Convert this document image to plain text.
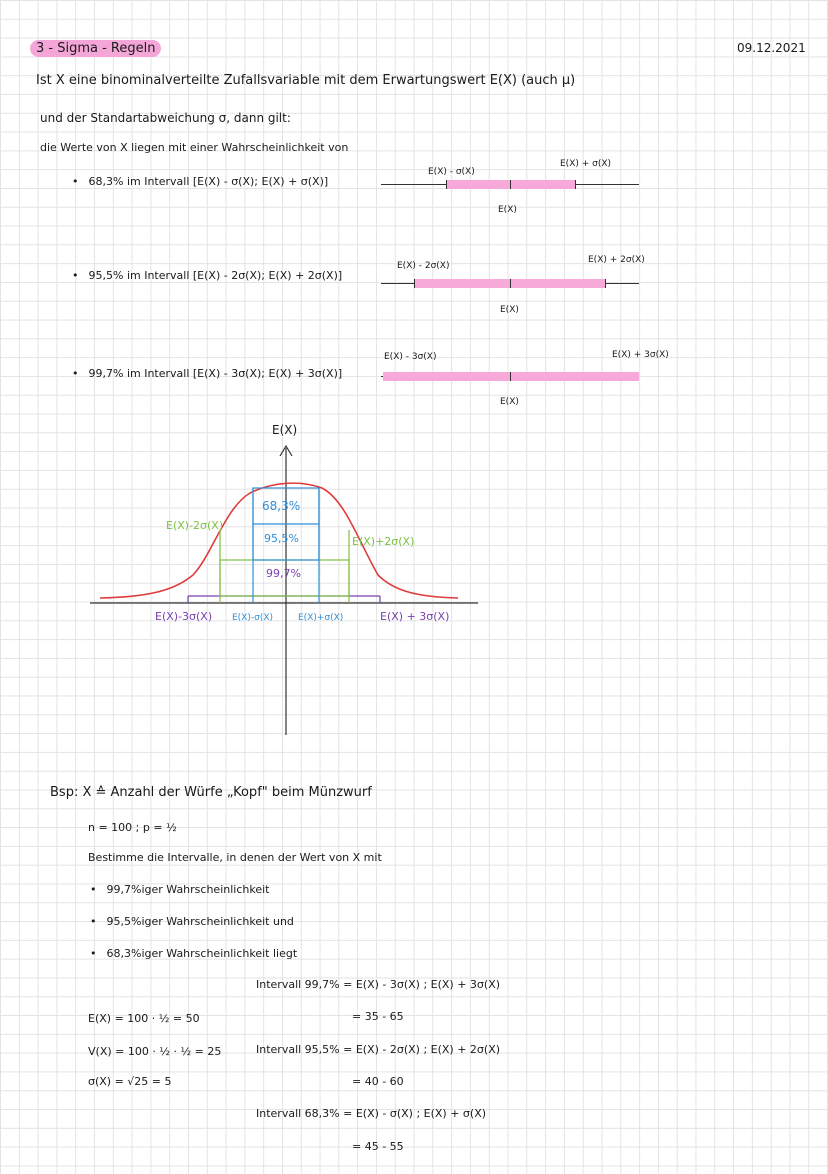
3 - Sigma - Regeln	09.12.2021
Ist X eine binominalverteilte Zufallsvariable mit dem Erwartungswert E(X) (auch μ)
und der Standartabweichung σ, dann gilt:
die Werte von X liegen mit einer Wahrscheinlichkeit von
• 68,3% im Intervall [E(X) - σ(X); E(X) + σ(X)]
E(X) - σ(X)
E(X) + σ(X)
E(X)
• 95,5% im Intervall [E(X) - 2σ(X); E(X) + 2σ(X)]
E(X) - 2σ(X)
E(X) + 2σ(X)
E(X)
• 99,7% im Intervall [E(X) - 3σ(X); E(X) + 3σ(X)]
E(X) - 3σ(X)	E(X) + 3σ(X)
E(X)
E(X)
68,3%
95,5%
99,7%
E(X)-2σ(X)
E(X)+2σ(X)
E(X)-3σ(X) E(X)-σ(X)	E(X)+σ(X)	E(X) + 3σ(X)
Bsp: X ≙ Anzahl der Würfe „Kopf" beim Münzwurf
n = 100 ; p = ½
Bestimme die Intervalle, in denen der Wert von X mit
• 99,7%iger Wahrscheinlichkeit
• 95,5%iger Wahrscheinlichkeit und
• 68,3%iger Wahrscheinlichkeit liegt
E(X) = 100 · ½ = 50
V(X) = 100 · ½ · ½ = 25
σ(X) = √25 = 5
Intervall 99,7% = E(X) - 3σ(X) ; E(X) + 3σ(X)
= 35 - 65
Intervall 95,5% = E(X) - 2σ(X) ; E(X) + 2σ(X)
= 40 - 60
Intervall 68,3% = E(X) - σ(X) ; E(X) + σ(X)
= 45 - 55
